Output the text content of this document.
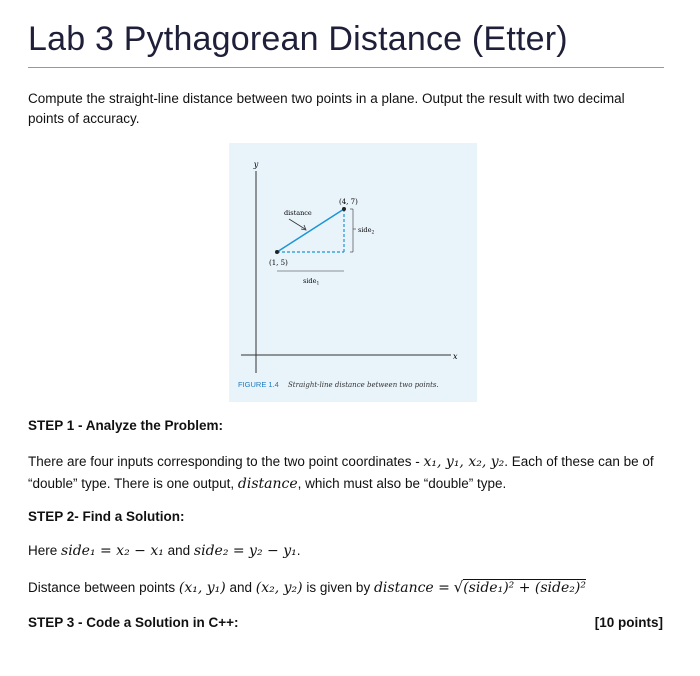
Lab 3 Pythagorean Distance (Etter)
Compute the straight-line distance between two points in a plane. Output the result with two decimal points of accuracy.
y
x
(1, 5)
(4, 7)
distance
side$_1$
side$_2$
FIGURE 1.4 Straight-line distance between two points.
STEP 1 - Analyze the Problem:
There are four inputs corresponding to the two point coordinates - x₁, y₁, x₂, y₂. Each of these can be of
“double” type. There is one output, distance, which must also be “double” type.
STEP 2- Find a Solution:
Here side₁ = x₂ − x₁ and side₂ = y₂ − y₁.
Distance between points (x₁, y₁) and (x₂, y₂) is given by distance = √(side₁)² + (side₂)²
STEP 3 - Code a Solution in C++:	[10 points]
